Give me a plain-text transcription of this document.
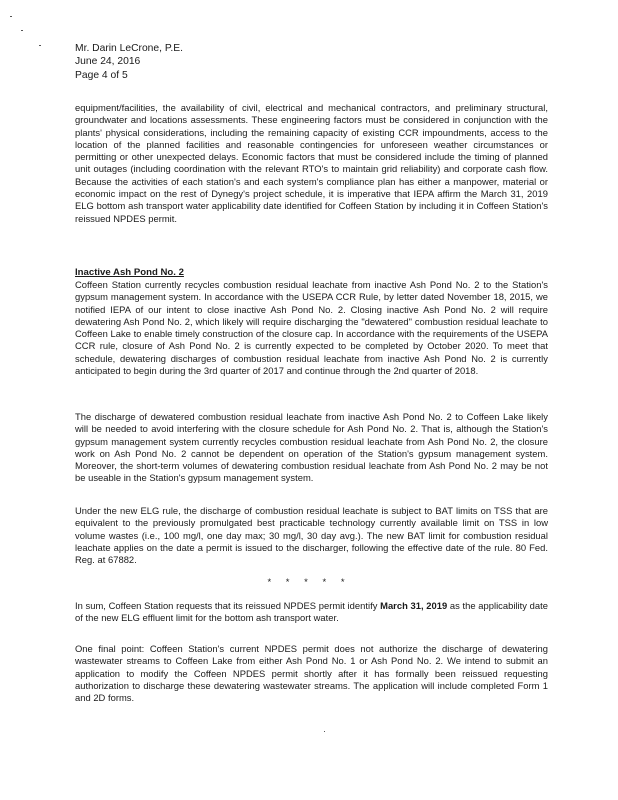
Mr. Darin LeCrone, P.E.
June 24, 2016
Page 4 of 5
equipment/facilities, the availability of civil, electrical and mechanical contractors, and preliminary structural, groundwater and locations assessments. These engineering factors must be considered in conjunction with the plants' physical considerations, including the remaining capacity of existing CCR impoundments, access to the location of the planned facilities and reasonable contingencies for unforeseen weather circumstances or permitting or other unexpected delays. Economic factors that must be considered include the timing of planned unit outages (including coordination with the relevant RTO's to maintain grid reliability) and corporate cash flow. Because the activities of each station's and each system's compliance plan has either a manpower, material or economic impact on the rest of Dynegy's project schedule, it is imperative that IEPA affirm the March 31, 2019 ELG bottom ash transport water applicability date identified for Coffeen Station by including it in Coffeen Station's reissued NPDES permit.
Inactive Ash Pond No. 2
Coffeen Station currently recycles combustion residual leachate from inactive Ash Pond No. 2 to the Station's gypsum management system. In accordance with the USEPA CCR Rule, by letter dated November 18, 2015, we notified IEPA of our intent to close inactive Ash Pond No. 2. Closing inactive Ash Pond No. 2 will require dewatering Ash Pond No. 2, which likely will require discharging the "dewatered" combustion residual leachate to Coffeen Lake to enable timely construction of the closure cap. In accordance with the requirements of the USEPA CCR rule, closure of Ash Pond No. 2 is currently expected to be completed by October 2020. To meet that schedule, dewatering discharges of combustion residual leachate from inactive Ash Pond No. 2 is currently anticipated to begin during the 3rd quarter of 2017 and continue through the 2nd quarter of 2018.
The discharge of dewatered combustion residual leachate from inactive Ash Pond No. 2 to Coffeen Lake likely will be needed to avoid interfering with the closure schedule for Ash Pond No. 2. That is, although the Station's gypsum management system currently recycles combustion residual leachate from Ash Pond No. 2, the closure work on Ash Pond No. 2 cannot be dependent on operation of the Station's gypsum management system. Moreover, the short-term volumes of dewatering combustion residual leachate from Ash Pond No. 2 may be not be useable in the Station's gypsum management system.
Under the new ELG rule, the discharge of combustion residual leachate is subject to BAT limits on TSS that are equivalent to the previously promulgated best practicable technology currently available limit on TSS in low volume wastes (i.e., 100 mg/l, one day max; 30 mg/l, 30 day avg.). The new BAT limit for combustion residual leachate applies on the date a permit is issued to the discharger, following the effective date of the rule. 80 Fed. Reg. at 67882.
* * * * *
In sum, Coffeen Station requests that its reissued NPDES permit identify March 31, 2019 as the applicability date of the new ELG effluent limit for the bottom ash transport water.
One final point: Coffeen Station's current NPDES permit does not authorize the discharge of dewatering wastewater streams to Coffeen Lake from either Ash Pond No. 1 or Ash Pond No. 2. We intend to submit an application to modify the Coffeen NPDES permit shortly after it has formally been reissued requesting authorization to discharge these dewatering wastewater streams. The application will include completed Form 1 and 2D forms.
